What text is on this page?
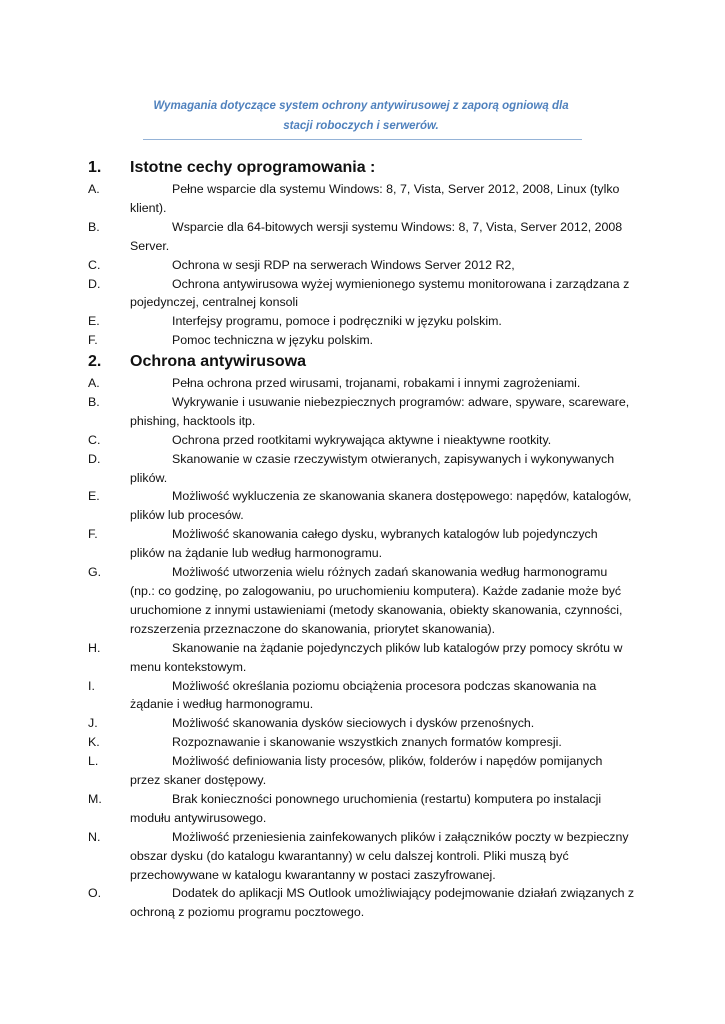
Wymagania dotyczące system ochrony antywirusowej z zaporą ogniową dla
stacji roboczych i serwerów.
1. Istotne cechy oprogramowania :
A.	Pełne wsparcie dla systemu Windows: 8, 7, Vista, Server 2012, 2008, Linux (tylko klient).
B.	Wsparcie dla 64-bitowych wersji systemu Windows: 8, 7, Vista, Server 2012, 2008 Server.
C.	Ochrona w sesji RDP na serwerach Windows Server 2012 R2,
D.	Ochrona antywirusowa wyżej wymienionego systemu monitorowana i zarządzana z pojedynczej, centralnej konsoli
E.	Interfejsy programu, pomoce i podręczniki w języku polskim.
F.	Pomoc techniczna w języku polskim.
2. Ochrona antywirusowa
A.	Pełna ochrona przed wirusami, trojanami, robakami i innymi zagrożeniami.
B.	Wykrywanie i usuwanie niebezpiecznych programów: adware, spyware, scareware, phishing, hacktools itp.
C.	Ochrona przed rootkitami wykrywająca aktywne i nieaktywne rootkity.
D.	Skanowanie w czasie rzeczywistym otwieranych, zapisywanych i wykonywanych plików.
E.	Możliwość wykluczenia ze skanowania skanera dostępowego: napędów, katalogów, plików lub procesów.
F.	Możliwość skanowania całego dysku, wybranych katalogów lub pojedynczych plików na żądanie lub według harmonogramu.
G.	Możliwość utworzenia wielu różnych zadań skanowania według harmonogramu (np.: co godzinę, po zalogowaniu, po uruchomieniu komputera). Każde zadanie może być uruchomione z innymi ustawieniami (metody skanowania, obiekty skanowania, czynności, rozszerzenia przeznaczone do skanowania, priorytet skanowania).
H.	Skanowanie na żądanie pojedynczych plików lub katalogów przy pomocy skrótu w menu kontekstowym.
I.	Możliwość określania poziomu obciążenia procesora podczas skanowania na żądanie i według harmonogramu.
J.	Możliwość skanowania dysków sieciowych i dysków przenośnych.
K.	Rozpoznawanie i skanowanie wszystkich znanych formatów kompresji.
L.	Możliwość definiowania listy procesów, plików, folderów i napędów pomijanych przez skaner dostępowy.
M.	Brak konieczności ponownego uruchomienia (restartu) komputera po instalacji modułu antywirusowego.
N.	Możliwość przeniesienia zainfekowanych plików i załączników poczty w bezpieczny obszar dysku (do katalogu kwarantanny) w celu dalszej kontroli. Pliki muszą być przechowywane w katalogu kwarantanny w postaci zaszyfrowanej.
O.	Dodatek do aplikacji MS Outlook umożliwiający podejmowanie działań związanych z ochroną z poziomu programu pocztowego.
